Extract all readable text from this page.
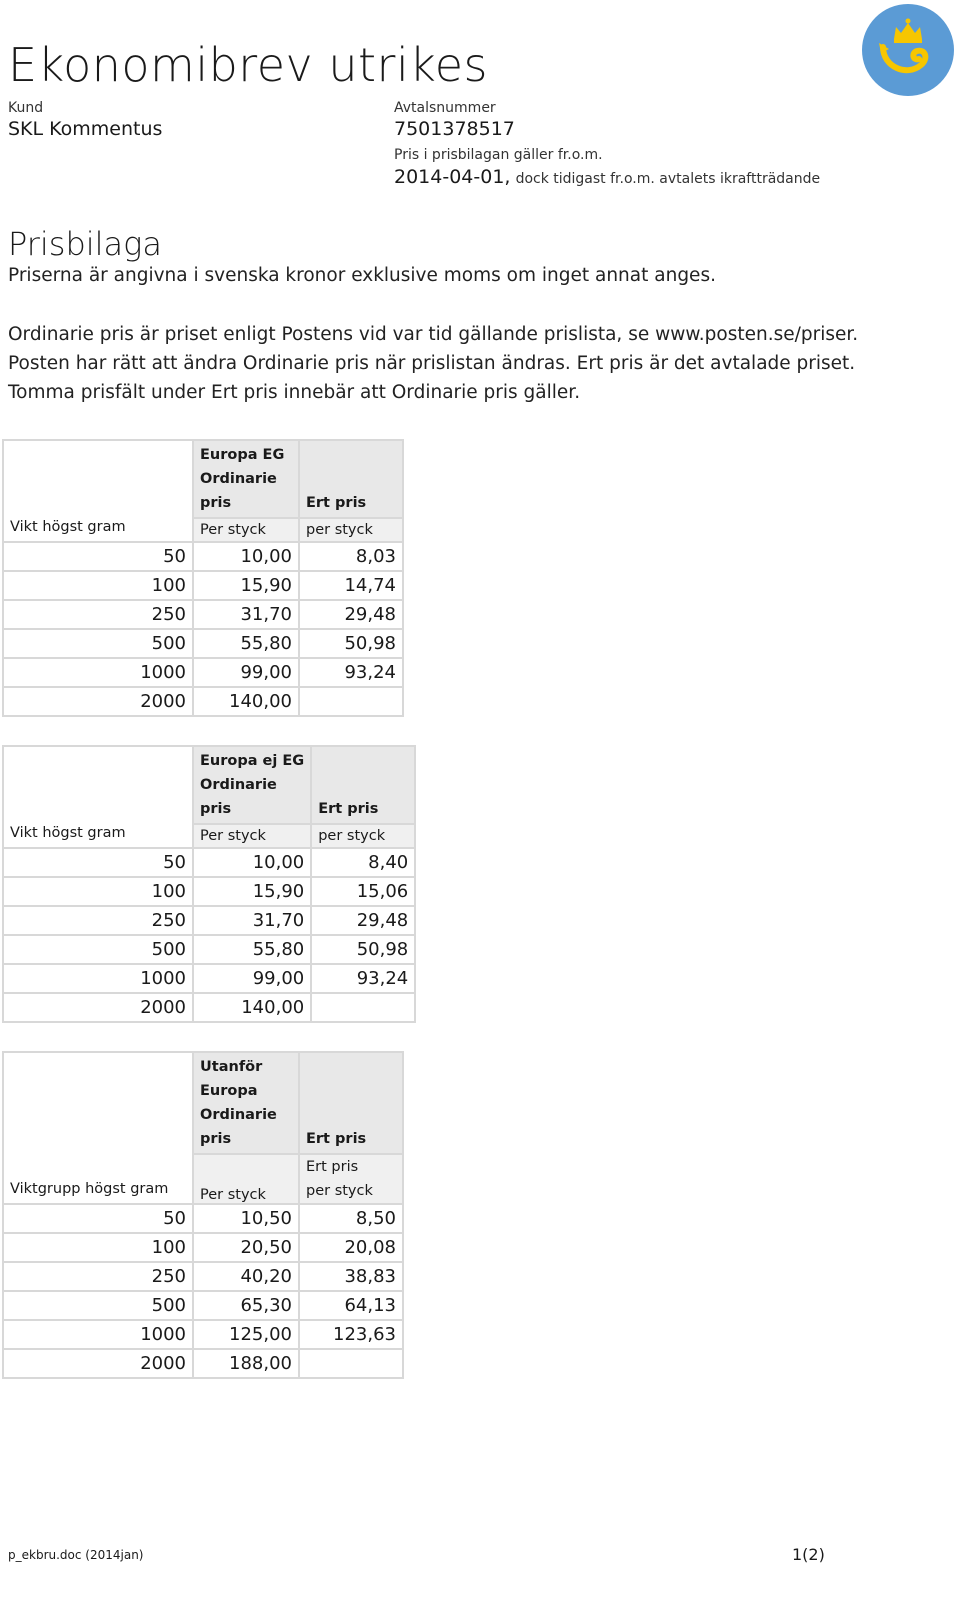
Ekonomibrev utrikes
Kund
SKL Kommentus
Avtalsnummer
7501378517
Pris i prisbilagan gäller fr.o.m.
2014-04-01, dock tidigast fr.o.m. avtalets ikraftträdande
Prisbilaga
Priserna är angivna i svenska kronor exklusive moms om inget annat anges.
Ordinarie pris är priset enligt Postens vid var tid gällande prislista, se www.posten.se/priser.
Posten har rätt att ändra Ordinarie pris när prislistan ändras. Ert pris är det avtalade priset.
Tomma prisfält under Ert pris innebär att Ordinarie pris gäller.
Vikt högst gram	Europa EG
Ordinarie
pris	Ert pris

	Per styck	per styck
50	10,00	8,03
100	15,90	14,74
250	31,70	29,48
500	55,80	50,98
1000	99,00	93,24
2000	140,00	
Vikt högst gram	Europa ej EG
Ordinarie
pris	Ert pris

	Per styck	per styck
50	10,00	8,40
100	15,90	15,06
250	31,70	29,48
500	55,80	50,98
1000	99,00	93,24
2000	140,00	
Viktgrupp högst gram	Utanför Europa
Ordinarie
pris	Ert pris

	Per styck	Ert pris
per styck

50	10,50	8,50
100	20,50	20,08
250	40,20	38,83
500	65,30	64,13
1000	125,00	123,63
2000	188,00	
p_ekbru.doc (2014jan)	1(2)
